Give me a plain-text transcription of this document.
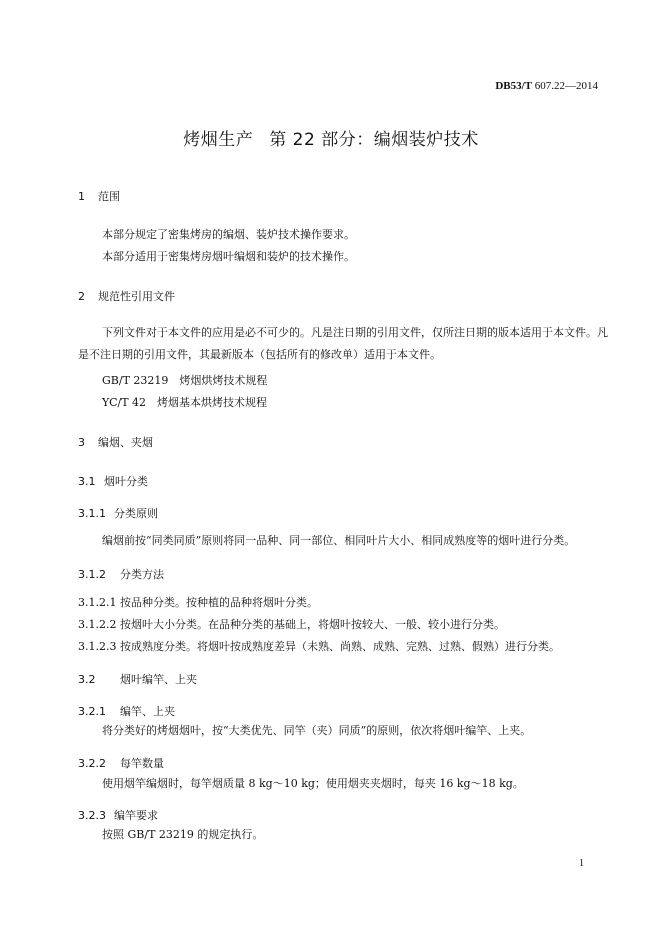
DB53/T 607.22—2014
烤烟生产 第 22 部分：编烟装炉技术
1 范围
本部分规定了密集烤房的编烟、装炉技术操作要求。
本部分适用于密集烤房烟叶编烟和装炉的技术操作。
2 规范性引用文件
下列文件对于本文件的应用是必不可少的。凡是注日期的引用文件，仅所注日期的版本适用于本文件。凡是不注日期的引用文件，其最新版本（包括所有的修改单）适用于本文件。
GB/T 23219　烤烟烘烤技术规程
YC/T 42　烤烟基本烘烤技术规程
3 编烟、夹烟
3.1 烟叶分类
3.1.1 分类原则
编烟前按“同类同质”原则将同一品种、同一部位、相同叶片大小、相同成熟度等的烟叶进行分类。
3.1.2 分类方法
3.1.2.1 按品种分类。按种植的品种将烟叶分类。
3.1.2.2 按烟叶大小分类。在品种分类的基础上，将烟叶按较大、一般、较小进行分类。
3.1.2.3 按成熟度分类。将烟叶按成熟度差异（未熟、尚熟、成熟、完熟、过熟、假熟）进行分类。
3.2 烟叶编竿、上夹
3.2.1 编竿、上夹
将分类好的烤烟烟叶，按“大类优先、同竿（夹）同质”的原则，依次将烟叶编竿、上夹。
3.2.2 每竿数量
使用烟竿编烟时，每竿烟质量 8 kg～10 kg；使用烟夹夹烟时，每夹 16 kg～18 kg。
3.2.3 编竿要求
按照 GB/T 23219 的规定执行。
1
